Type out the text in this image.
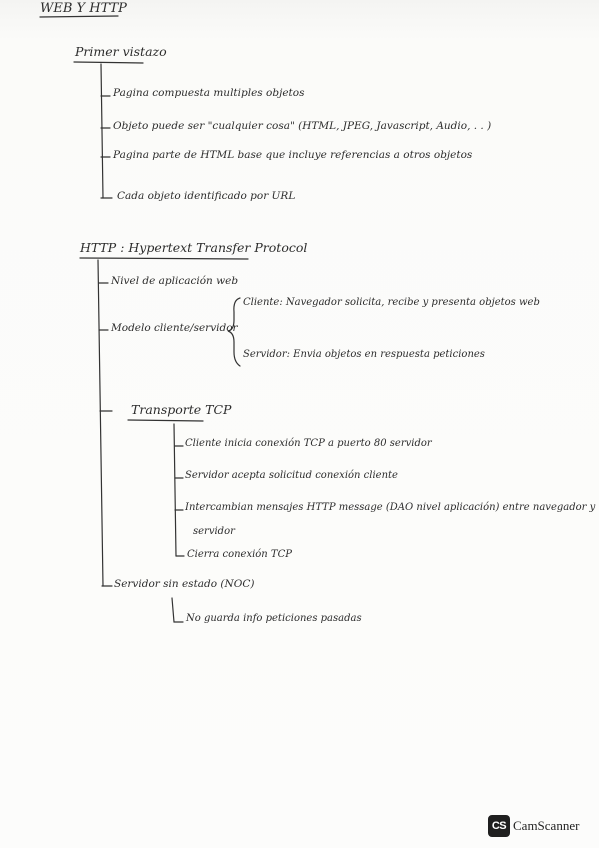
WEB Y HTTP
Primer vistazo
Pagina compuesta multiples objetos
Objeto puede ser "cualquier cosa" (HTML, JPEG, Javascript, Audio, . . )
Pagina parte de HTML base que incluye referencias a otros objetos
Cada objeto identificado por URL
HTTP : Hypertext Transfer Protocol
Nivel de aplicación web
Modelo cliente/servidor
Cliente: Navegador solicita, recibe y presenta objetos web
Servidor: Envia objetos en respuesta peticiones
Transporte TCP
Cliente inicia conexión TCP a puerto 80 servidor
Servidor acepta solicitud conexión cliente
Intercambian mensajes HTTP message (DAO nivel aplicación) entre navegador y
servidor
Cierra conexión TCP
Servidor sin estado (NOC)
No guarda info peticiones pasadas
CS CamScanner
